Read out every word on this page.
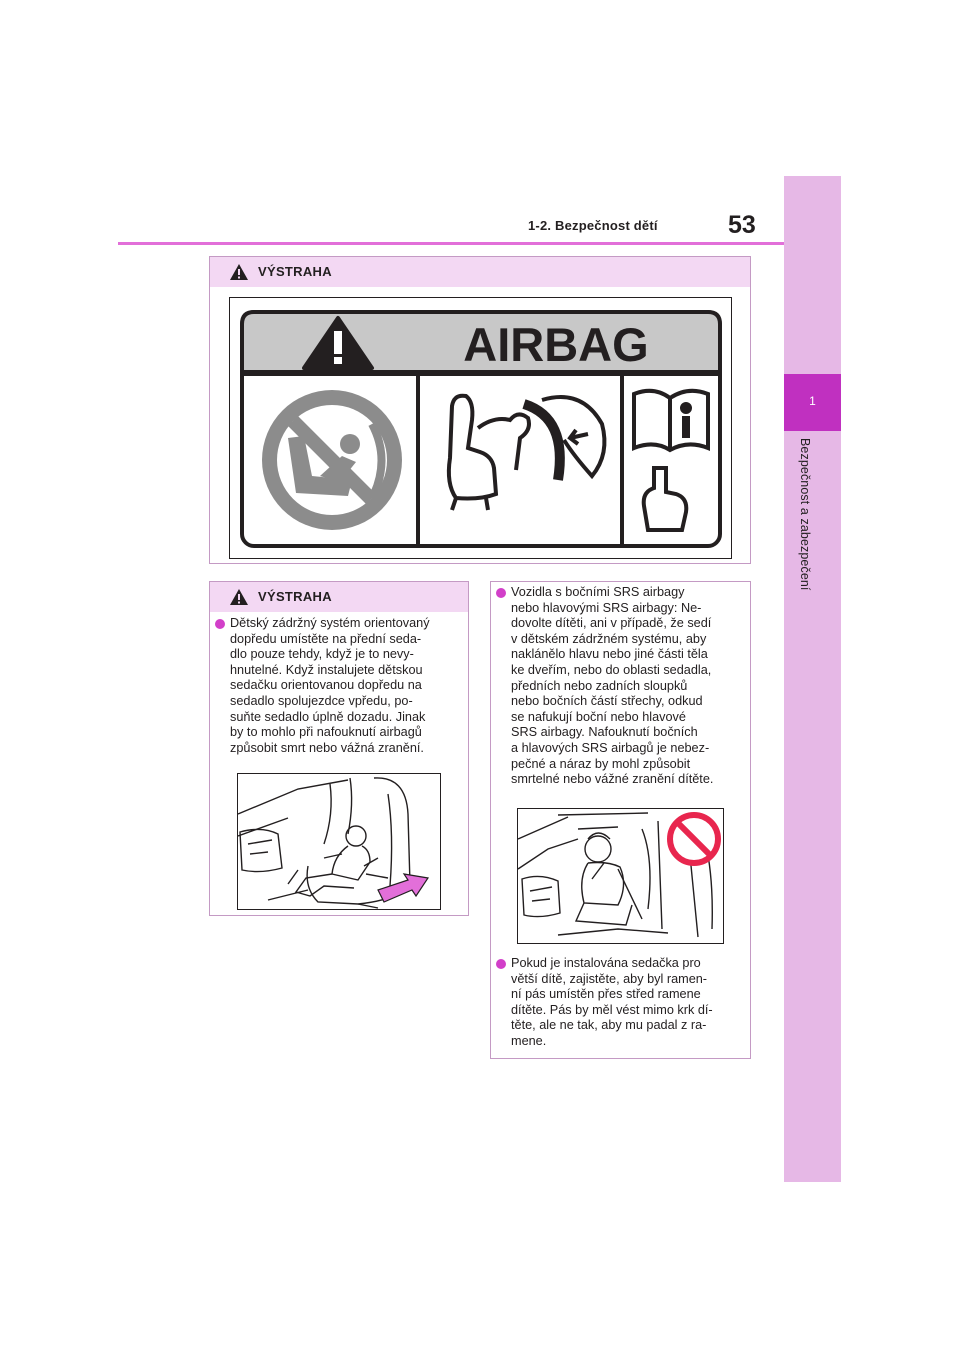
1-2. Bezpečnost dětí	53
1
Bezpečnost a zabezpečení
VÝSTRAHA
AIRBAG
VÝSTRAHA
Dětský zádržný systém orientovaný
dopředu umístěte na přední seda-
dlo pouze tehdy, když je to nevy-
hnutelné. Když instalujete dětskou
sedačku orientovanou dopředu na
sedadlo spolujezdce vpředu, po-
suňte sedadlo úplně dozadu. Jinak
by to mohlo při nafouknutí airbagů
způsobit smrt nebo vážná zranění.
Vozidla s bočními SRS airbagy
nebo hlavovými SRS airbagy: Ne-
dovolte dítěti, ani v případě, že sedí
v dětském zádržném systému, aby
naklánělo hlavu nebo jiné části těla
ke dveřím, nebo do oblasti sedadla,
předních nebo zadních sloupků
nebo bočních částí střechy, odkud
se nafukují boční nebo hlavové
SRS airbagy. Nafouknutí bočních
a hlavových SRS airbagů je nebez-
pečné a náraz by mohl způsobit
smrtelné nebo vážné zranění dítěte.
Pokud je instalována sedačka pro
větší dítě, zajistěte, aby byl ramen-
ní pás umístěn přes střed ramene
dítěte. Pás by měl vést mimo krk dí-
těte, ale ne tak, aby mu padal z ra-
mene.
